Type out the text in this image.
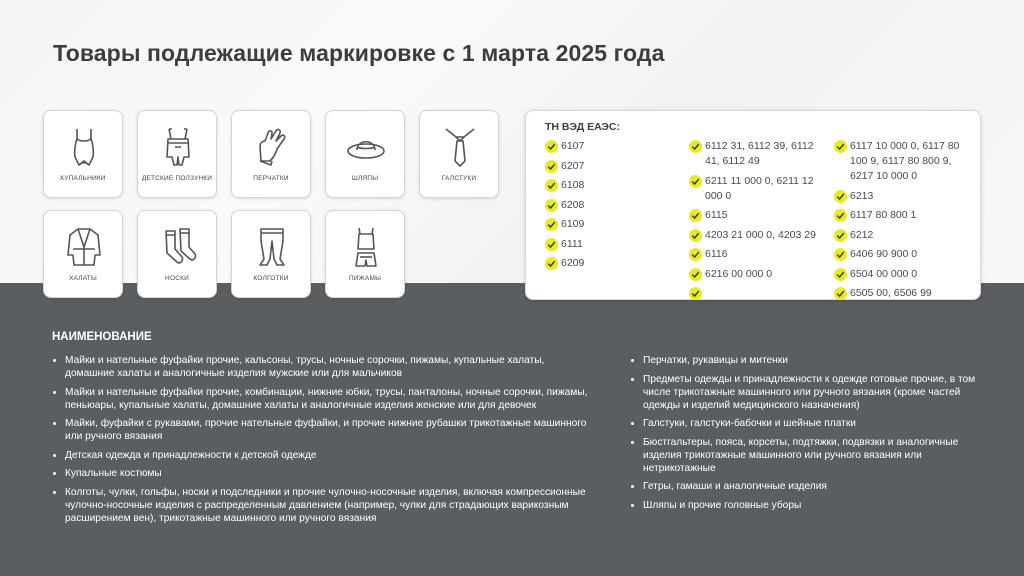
Товары подлежащие маркировке с 1 марта 2025 года
КУПАЛЬНИКИ	ДЕТСКИЕ ПОЛЗУНКИ	ПЕРЧАТКИ	ШЛЯПЫ	ГАЛСТУКИ
ХАЛАТЫ	НОСКИ	КОЛГОТКИ	ПИЖАМЫ
ТН ВЭД ЕАЭС:
6107
6207
6108
6208
6109
6111
6209
6112 31, 6112 39, 6112 41, 6112 49
6211 11 000 0, 6211 12 000 0
6115
4203 21 000 0, 4203 29
6116
6216 00 000 0
6117 10 000 0, 6117 80 100 9, 6117 80 800 9, 6217 10 000 0
6213
6117 80 800 1
6212
6406 90 900 0
6504 00 000 0
6505 00, 6506 99
НАИМЕНОВАНИЕ
Майки и нательные фуфайки прочие, кальсоны, трусы, ночные сорочки, пижамы, купальные халаты, домашние халаты и аналогичные изделия мужские или для мальчиков
Майки и нательные фуфайки прочие, комбинации, нижние юбки, трусы, панталоны, ночные сорочки, пижамы, пеньюары, купальные халаты, домашние халаты и аналогичные изделия женские или для девочек
Майки, фуфайки с рукавами, прочие нательные фуфайки, и прочие нижние рубашки трикотажные машинного или ручного вязания
Детская одежда и принадлежности к детской одежде
Купальные костюмы
Колготы, чулки, гольфы, носки и подследники и прочие чулочно-носочные изделия, включая компрессионные чулочно-носочные изделия с распределенным давлением (например, чулки для страдающих варикозным расширением вен), трикотажные машинного или ручного вязания
Перчатки, рукавицы и митенки
Предметы одежды и принадлежности к одежде готовые прочие, в том числе трикотажные машинного или ручного вязания (кроме частей одежды и изделий медицинского назначения)
Галстуки, галстуки-бабочки и шейные платки
Бюстгальтеры, пояса, корсеты, подтяжки, подвязки и аналогичные изделия трикотажные машинного или ручного вязания или нетрикотажные
Гетры, гамаши и аналогичные изделия
Шляпы и прочие головные уборы
